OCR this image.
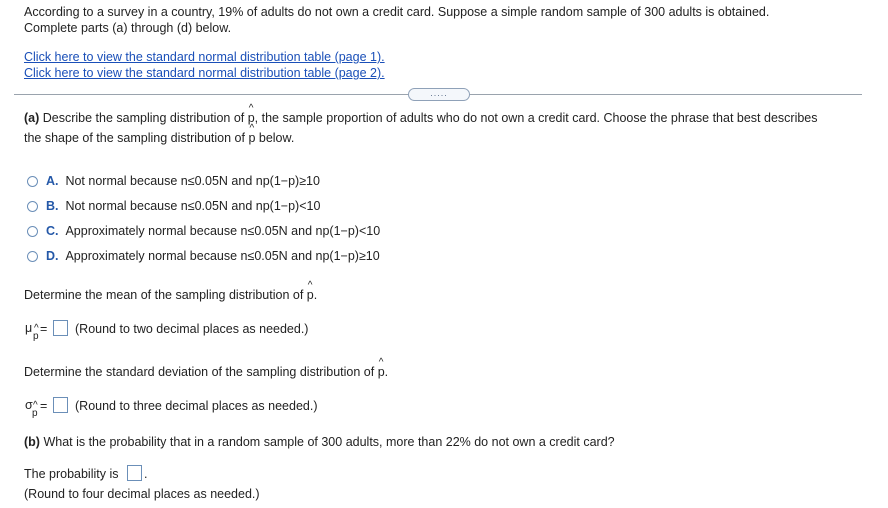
According to a survey in a country, 19% of adults do not own a credit card. Suppose a simple random sample of 300 adults is obtained.
Complete parts (a) through (d) below.
Click here to view the standard normal distribution table (page 1).
Click here to view the standard normal distribution table (page 2).
.....
(a) Describe the sampling distribution of ^ p, the sample proportion of adults who do not own a credit card. Choose the phrase that best describes
the shape of the sampling distribution of ^ p below.
A. Not normal because n≤0.05N and np(1−p)≥10
B. Not normal because n≤0.05N and np(1−p)<10
C. Approximately normal because n≤0.05N and np(1−p)<10
D. Approximately normal because n≤0.05N and np(1−p)≥10
Determine the mean of the sampling distribution of ^ p.
μ
^ p
= (Round to two decimal places as needed.)
Determine the standard deviation of the sampling distribution of ^ p.
σ
^ p
= (Round to three decimal places as needed.)
(b) What is the probability that in a random sample of 300 adults, more than 22% do not own a credit card?
The probability is .
(Round to four decimal places as needed.)
